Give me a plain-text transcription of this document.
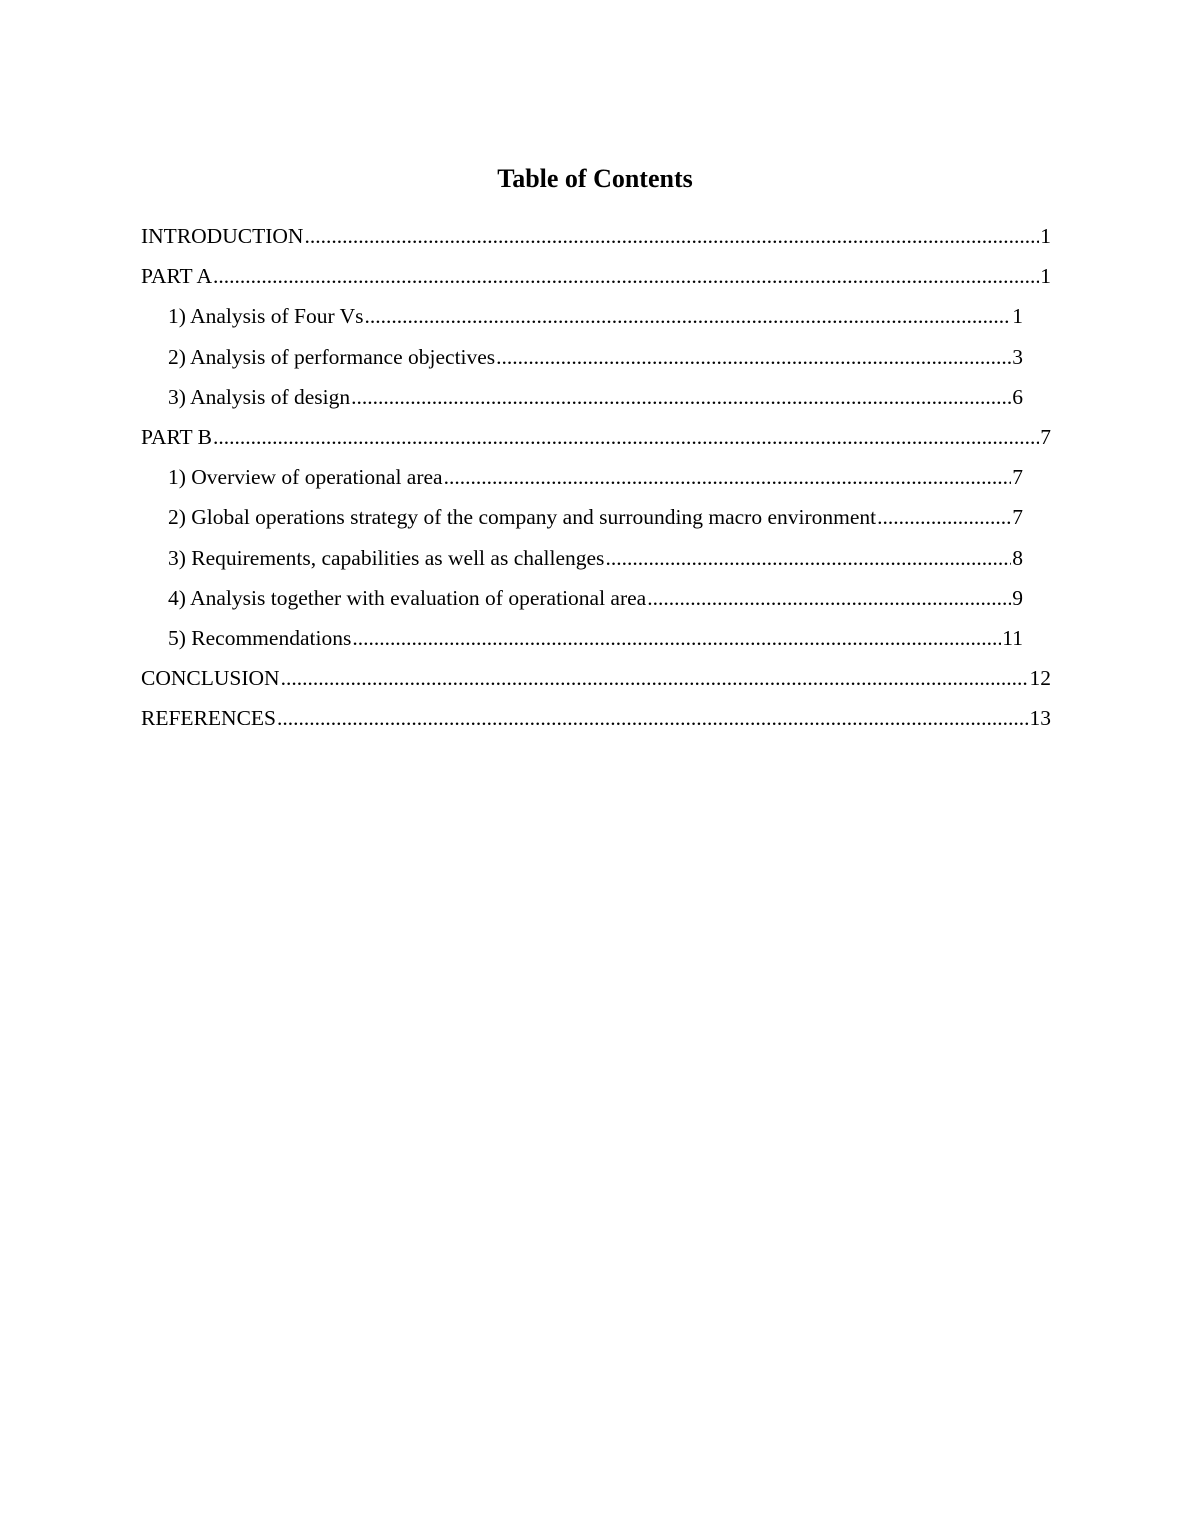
Table of Contents
INTRODUCTION .....	1
PART A .....	1
1) Analysis of Four Vs .....	1
2) Analysis of performance objectives .....	3
3) Analysis of design .....	6
PART B .....	7
1) Overview of operational area .....	7
2) Global operations strategy of the company and surrounding macro environment .....	7
3) Requirements, capabilities as well as challenges .....	8
4) Analysis together with evaluation of operational area .....	9
5) Recommendations .....	11
CONCLUSION .....	12
REFERENCES .....	13
